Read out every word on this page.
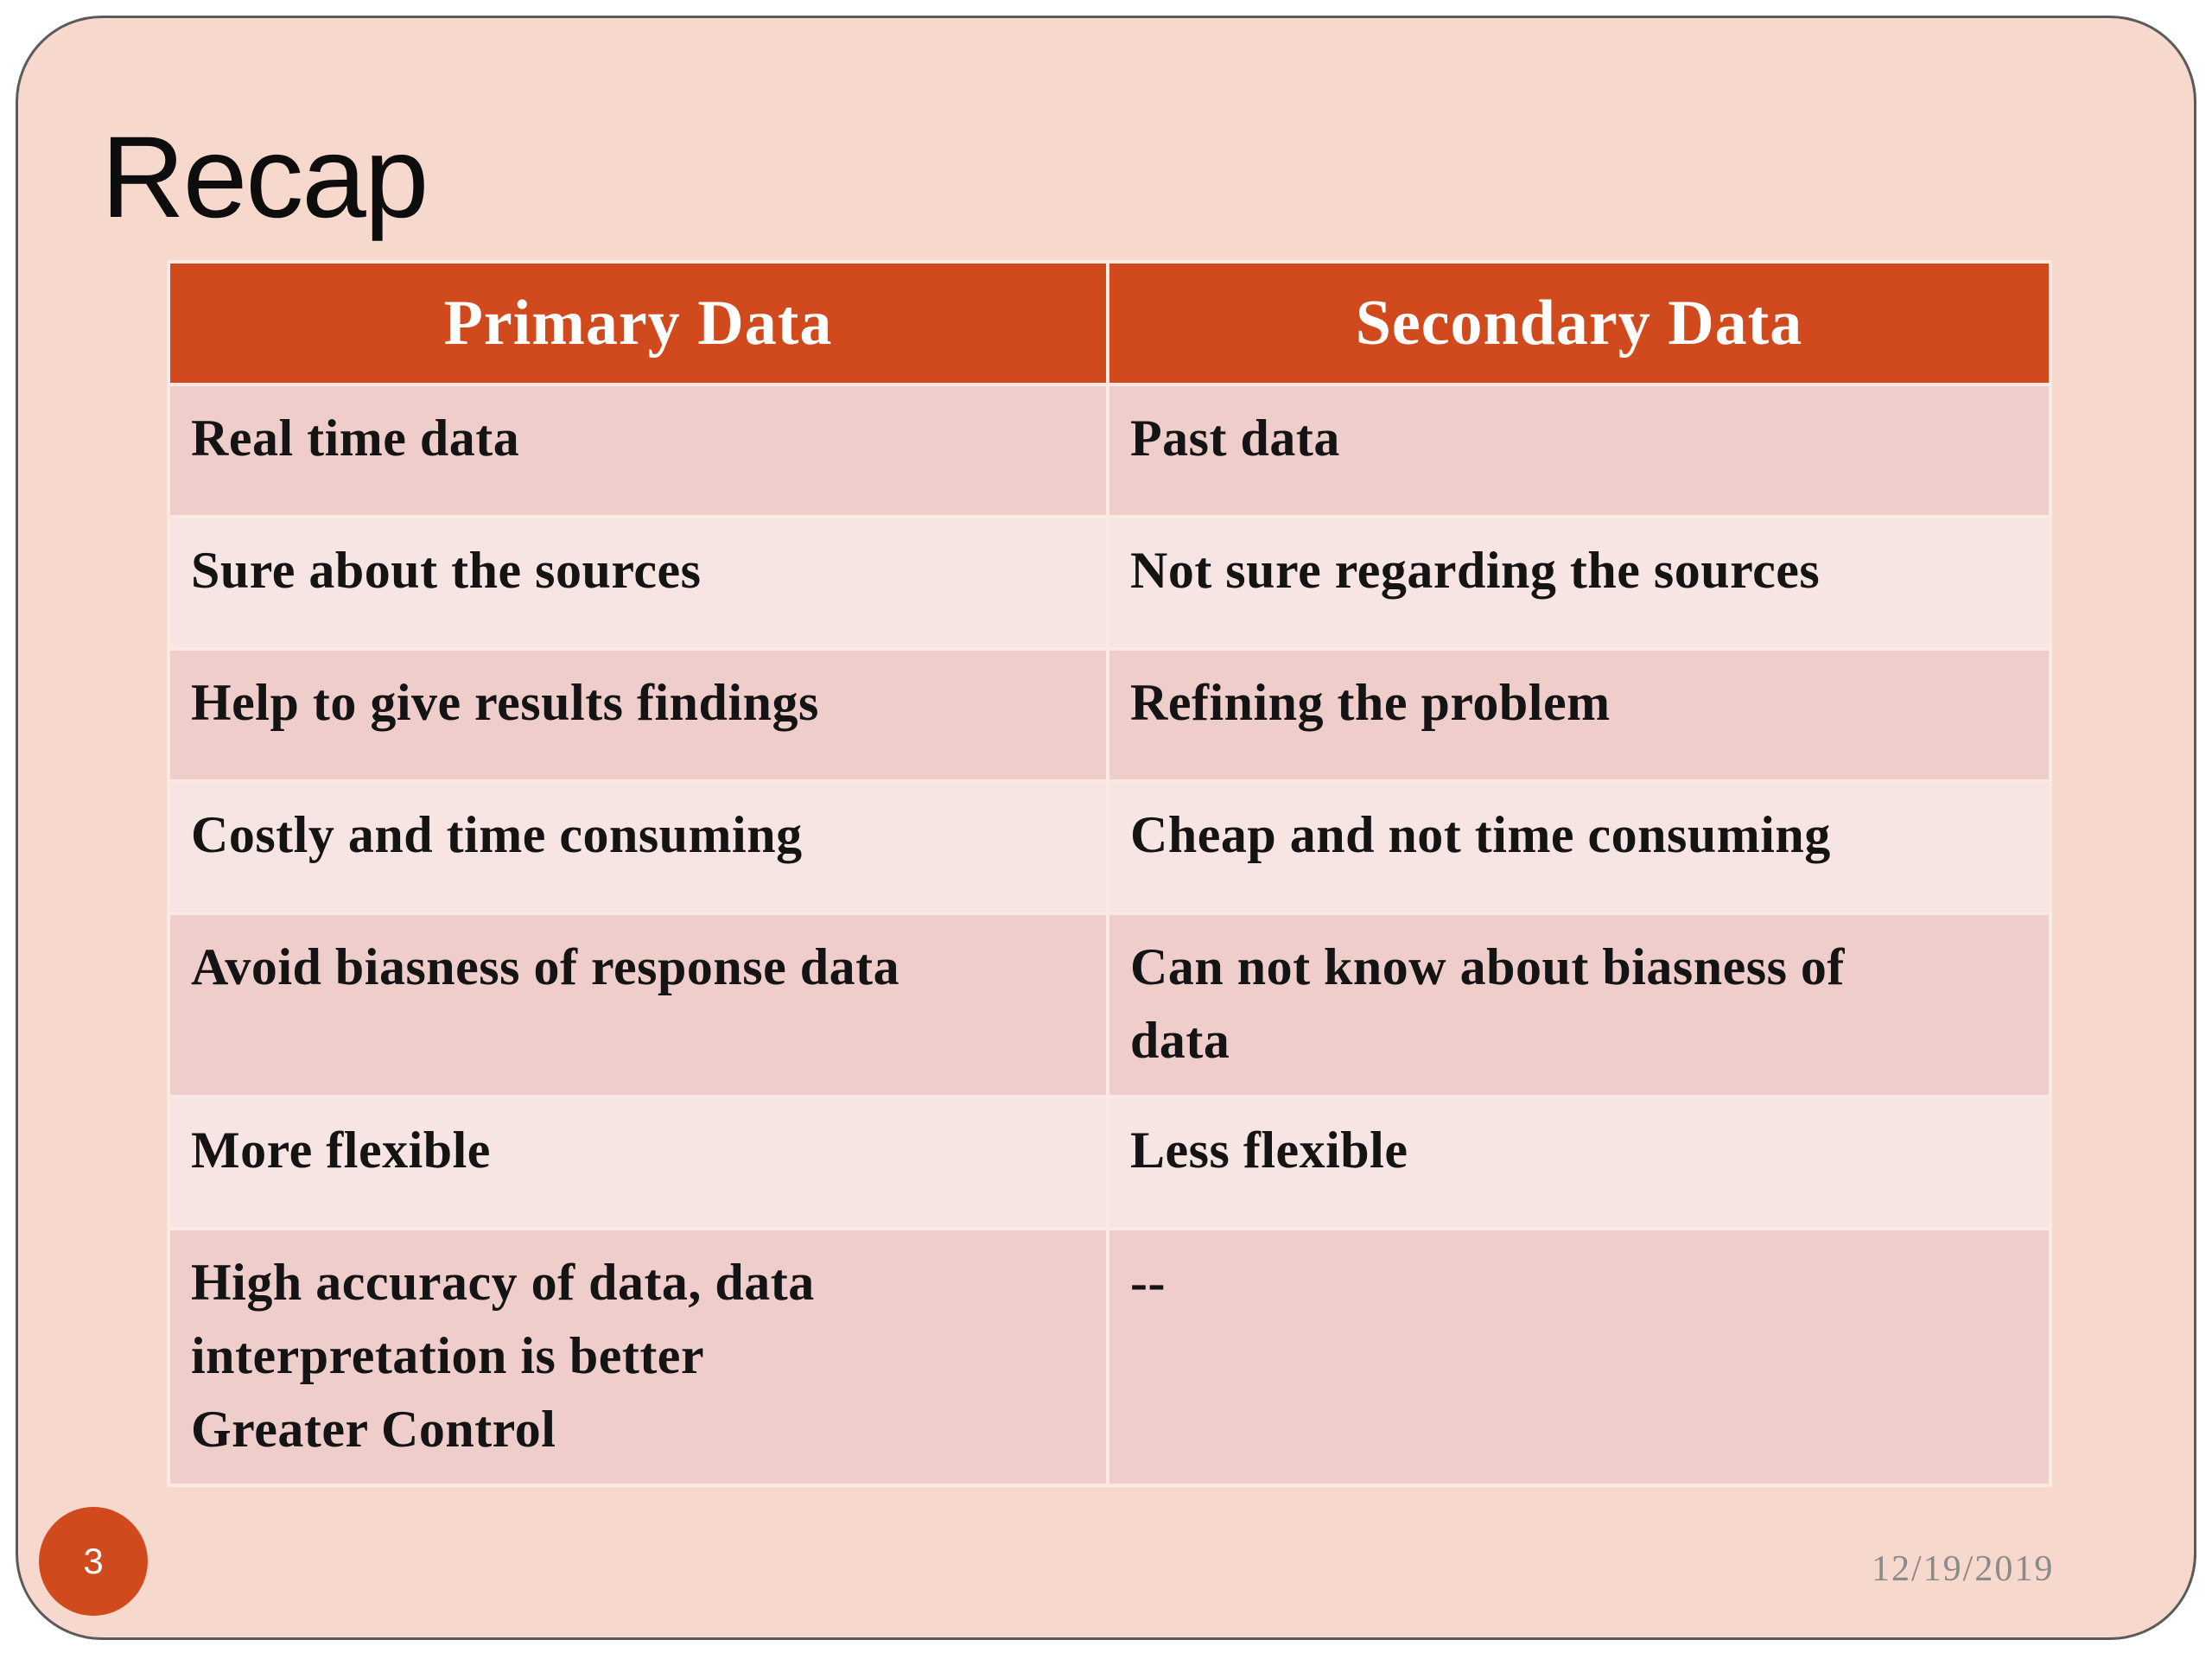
Recap
Primary Data	Secondary Data

Real time data	Past data

Sure about the sources	Not sure regarding the sources

Help to give results findings	Refining the problem

Costly and time consuming	Cheap and not time consuming

Avoid biasness of response data	Can not know about biasness of
data

More flexible	Less flexible

High accuracy of data, data
interpretation is better
Greater Control	--
3	12/19/2019
